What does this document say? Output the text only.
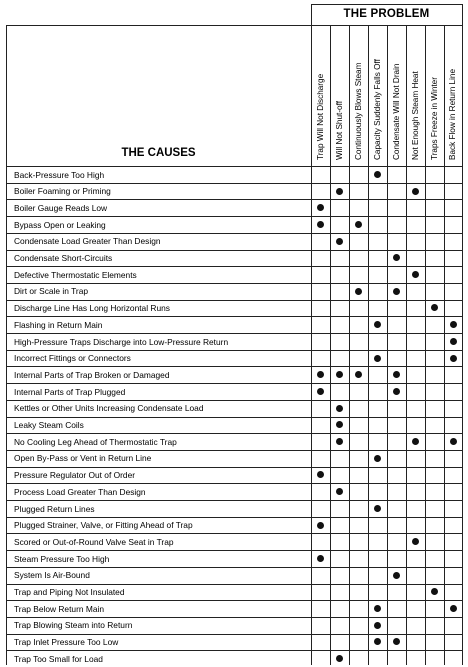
THE PROBLEM
THE CAUSES	Trap Will Not Discharge Will Not Shut-off Continuously Blows Steam Capacity Suddenly Falls Off Condensate Will Not Drain Not Enough Steam Heat Traps Freeze in Winter Back Flow in Return Line
Back-Pressure Too High
Boiler Foaming or Priming
Boiler Gauge Reads Low
Bypass Open or Leaking
Condensate Load Greater Than Design
Condensate Short-Circuits
Defective Thermostatic Elements
Dirt or Scale in Trap
Discharge Line Has Long Horizontal Runs
Flashing in Return Main
High-Pressure Traps Discharge into Low-Pressure Return
Incorrect Fittings or Connectors
Internal Parts of Trap Broken or Damaged
Internal Parts of Trap Plugged
Kettles or Other Units Increasing Condensate Load
Leaky Steam Coils
No Cooling Leg Ahead of Thermostatic Trap
Open By-Pass or Vent in Return Line
Pressure Regulator Out of Order
Process Load Greater Than Design
Plugged Return Lines
Plugged Strainer, Valve, or Fitting Ahead of Trap
Scored or Out-of-Round Valve Seat in Trap
Steam Pressure Too High
System Is Air-Bound
Trap and Piping Not Insulated
Trap Below Return Main
Trap Blowing Steam into Return
Trap Inlet Pressure Too Low
Trap Too Small for Load
